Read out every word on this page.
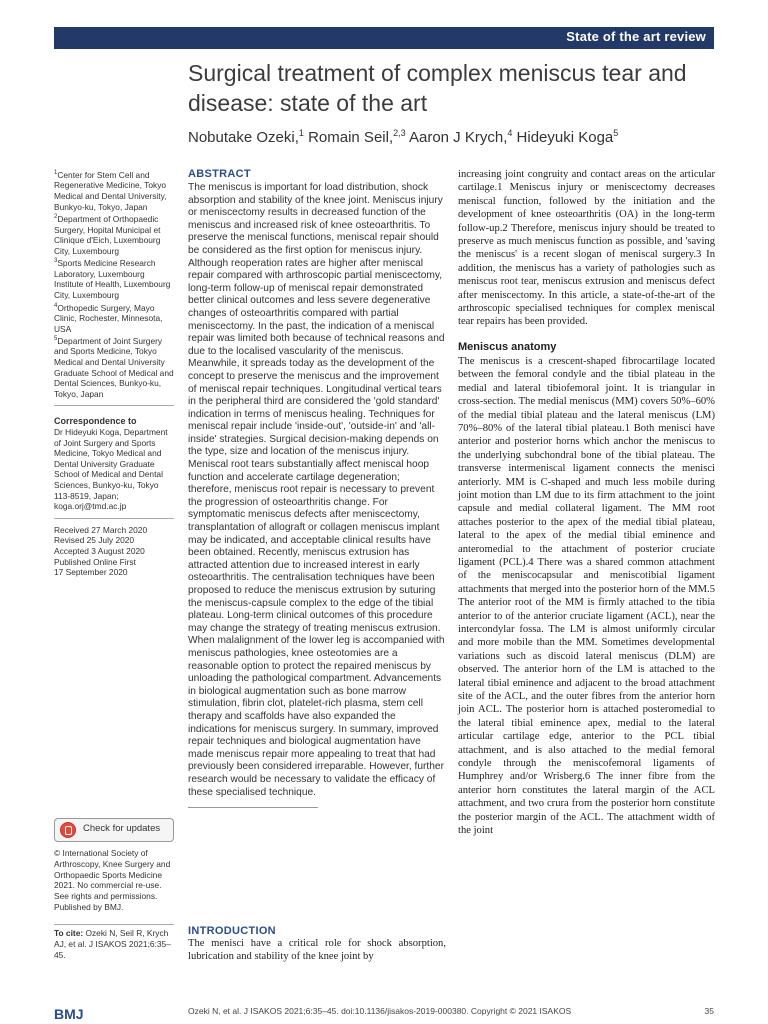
State of the art review
Surgical treatment of complex meniscus tear and disease: state of the art
Nobutake Ozeki,$^1$ Romain Seil,$^{2,3}$ Aaron J Krych,$^4$ Hideyuki Koga$^5$
$^1$Center for Stem Cell and Regenerative Medicine, Tokyo Medical and Dental University, Bunkyo-ku, Tokyo, Japan
$^2$Department of Orthopaedic Surgery, Hopital Municipal et Clinique d'Eich, Luxembourg City, Luxembourg
$^3$Sports Medicine Research Laboratory, Luxembourg Institute of Health, Luxembourg City, Luxembourg
$^4$Orthopedic Surgery, Mayo Clinic, Rochester, Minnesota, USA
$^5$Department of Joint Surgery and Sports Medicine, Tokyo Medical and Dental University Graduate School of Medical and Dental Sciences, Bunkyo-ku, Tokyo, Japan
Correspondence to
Dr Hideyuki Koga, Department of Joint Surgery and Sports Medicine, Tokyo Medical and Dental University Graduate School of Medical and Dental Sciences, Bunkyo-ku, Tokyo 113-8519, Japan; koga.orj@tmd.ac.jp
Received 27 March 2020
Revised 25 July 2020
Accepted 3 August 2020
Published Online First
17 September 2020
Check for updates
© International Society of Arthroscopy, Knee Surgery and Orthopaedic Sports Medicine 2021. No commercial re-use. See rights and permissions. Published by BMJ.
To cite: Ozeki N, Seil R, Krych AJ, et al. J ISAKOS 2021;6:35–45.
BMJ
ABSTRACT
The meniscus is important for load distribution, shock absorption and stability of the knee joint. Meniscus injury or meniscectomy results in decreased function of the meniscus and increased risk of knee osteoarthritis. To preserve the meniscal functions, meniscal repair should be considered as the first option for meniscus injury. Although reoperation rates are higher after meniscal repair compared with arthroscopic partial meniscectomy, long-term follow-up of meniscal repair demonstrated better clinical outcomes and less severe degenerative changes of osteoarthritis compared with partial meniscectomy. In the past, the indication of a meniscal repair was limited both because of technical reasons and due to the localised vascularity of the meniscus. Meanwhile, it spreads today as the development of the concept to preserve the meniscus and the improvement of meniscal repair techniques. Longitudinal vertical tears in the peripheral third are considered the 'gold standard' indication in terms of meniscus healing. Techniques for meniscal repair include 'inside-out', 'outside-in' and 'all-inside' strategies. Surgical decision-making depends on the type, size and location of the meniscus injury. Meniscal root tears substantially affect meniscal hoop function and accelerate cartilage degeneration; therefore, meniscus root repair is necessary to prevent the progression of osteoarthritis change. For symptomatic meniscus defects after meniscectomy, transplantation of allograft or collagen meniscus implant may be indicated, and acceptable clinical results have been obtained. Recently, meniscus extrusion has attracted attention due to increased interest in early osteoarthritis. The centralisation techniques have been proposed to reduce the meniscus extrusion by suturing the meniscus-capsule complex to the edge of the tibial plateau. Long-term clinical outcomes of this procedure may change the strategy of treating meniscus extrusion. When malalignment of the lower leg is accompanied with meniscus pathologies, knee osteotomies are a reasonable option to protect the repaired meniscus by unloading the pathological compartment. Advancements in biological augmentation such as bone marrow stimulation, fibrin clot, platelet-rich plasma, stem cell therapy and scaffolds have also expanded the indications for meniscus surgery. In summary, improved repair techniques and biological augmentation have made meniscus repair more appealing to treat that had previously been considered irreparable. However, further research would be necessary to validate the efficacy of these specialised technique.
INTRODUCTION
The menisci have a critical role for shock absorption, lubrication and stability of the knee joint by
increasing joint congruity and contact areas on the articular cartilage.1 Meniscus injury or meniscectomy decreases meniscal function, followed by the initiation and the development of knee osteoarthritis (OA) in the long-term follow-up.2 Therefore, meniscus injury should be treated to preserve as much meniscus function as possible, and 'saving the meniscus' is a recent slogan of meniscal surgery.3 In addition, the meniscus has a variety of pathologies such as meniscus root tear, meniscus extrusion and meniscus defect after meniscectomy. In this article, a state-of-the-art of the arthroscopic specialised techniques for complex meniscal tear repairs has been provided.
Meniscus anatomy
The meniscus is a crescent-shaped fibrocartilage located between the femoral condyle and the tibial plateau in the medial and lateral tibiofemoral joint. It is triangular in cross-section. The medial meniscus (MM) covers 50%–60% of the medial tibial plateau and the lateral meniscus (LM) 70%–80% of the lateral tibial plateau.1 Both menisci have anterior and posterior horns which anchor the meniscus to the underlying subchondral bone of the tibial plateau. The transverse intermeniscal ligament connects the menisci anteriorly. MM is C-shaped and much less mobile during joint motion than LM due to its firm attachment to the joint capsule and medial collateral ligament. The MM root attaches posterior to the apex of the medial tibial plateau, lateral to the apex of the medial tibial eminence and anteromedial to the attachment of posterior cruciate ligament (PCL).4 There was a shared common attachment of the meniscocapsular and meniscotibial ligament attachments that merged into the posterior horn of the MM.5 The anterior root of the MM is firmly attached to the tibia anterior to of the anterior cruciate ligament (ACL), near the intercondylar fossa. The LM is almost uniformly circular and more mobile than the MM. Sometimes developmental variations such as discoid lateral meniscus (DLM) are observed. The anterior horn of the LM is attached to the lateral tibial eminence and adjacent to the broad attachment site of the ACL, and the outer fibres from the anterior horn join ACL. The posterior horn is attached posteromedial to the lateral tibial eminence apex, medial to the lateral articular cartilage edge, anterior to the PCL tibial attachment, and is also attached to the medial femoral condyle through the meniscofemoral ligaments of Humphrey and/or Wrisberg.6 The inner fibre from the anterior horn constitutes the lateral margin of the ACL attachment, and two crura from the posterior horn constitute the posterior margin of the ACL. The attachment width of the joint
Ozeki N, et al. J ISAKOS 2021;6:35–45. doi:10.1136/jisakos-2019-000380. Copyright © 2021 ISAKOS	35
